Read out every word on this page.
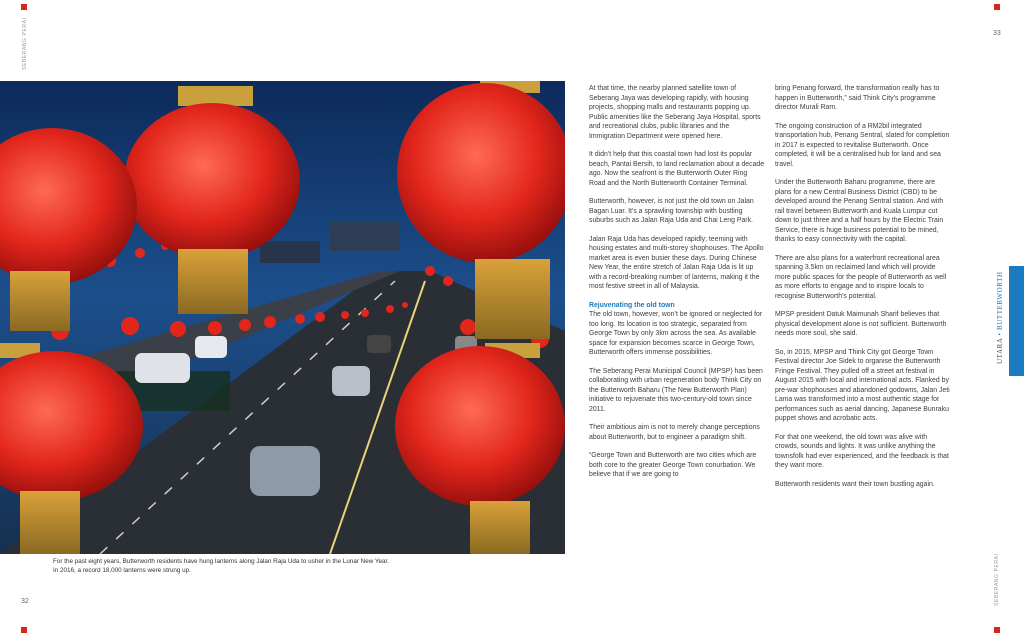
33
32
SEBERANG PERAI
SEBERANG PERAI
UTARA • BUTTERWORTH
For the past eight years, Butterworth residents have hung lanterns along Jalan Raja Uda to usher in the Lunar New Year.
In 2016, a record 18,000 lanterns were strung up.

At that time, the nearby planned satellite town of Seberang Jaya was developing rapidly, with housing projects, shopping malls and restaurants popping up. Public amenities like the Seberang Jaya Hospital, sports and recreational clubs, public libraries and the Immigration Department were opened here.

It didn’t help that this coastal town had lost its popular beach, Pantai Bersih, to land reclamation about a decade ago. Now the seafront is the Butterworth Outer Ring Road and the North Butterworth Container Terminal.

Butterworth, however, is not just the old town on Jalan Bagan Luar. It’s a sprawling township with bustling suburbs such as Jalan Raja Uda and Chai Leng Park.

Jalan Raja Uda has developed rapidly; teeming with housing estates and multi-storey shophouses. The Apollo market area is even busier these days. During Chinese New Year, the entire stretch of Jalan Raja Uda is lit up with a record-breaking number of lanterns, making it the most festive street in all of Malaysia.

Rejuvenating the old town

The old town, however, won’t be ignored or neglected for too long. Its location is too strategic, separated from George Town by only 3km across the sea. As available space for expansion becomes scarce in George Town, Butterworth offers immense possibilities.

The Seberang Perai Municipal Council (MPSP) has been collaborating with urban regeneration body Think City on the Butterworth Baharu (The New Butterworth Plan) initiative to rejuvenate this two-century-old town since 2011.

Their ambitious aim is not to merely change perceptions about Butterworth, but to engineer a paradigm shift.

“George Town and Butterworth are two cities which are both core to the greater George Town conurbation. We believe that if we are going to

bring Penang forward, the transformation really has to happen in Butterworth,” said Think City’s programme director Murali Ram.

The ongoing construction of a RM2bil integrated transportation hub, Penang Sentral, slated for completion in 2017 is expected to revitalise Butterworth. Once completed, it will be a centralised hub for land and sea travel.

Under the Butterworth Baharu programme, there are plans for a new Central Business District (CBD) to be developed around the Penang Sentral station. And with rail travel between Butterworth and Kuala Lumpur cut down to just three and a half hours by the Electric Train Service, there is huge business potential to be mined, thanks to easy connectivity with the capital.

There are also plans for a waterfront recreational area spanning 3.5km on reclaimed land which will provide more public spaces for the people of Butterworth as well as more efforts to engage and to inspire locals to recognise Butterworth’s potential.

MPSP president Datuk Maimunah Sharif believes that physical development alone is not sufficient. Butterworth needs more soul, she said.

So, in 2015, MPSP and Think City got George Town Festival director Joe Sidek to organise the Butterworth Fringe Festival. They pulled off a street art festival in August 2015 with local and international acts. Flanked by pre-war shophouses and abandoned godowns, Jalan Jeti Lama was transformed into a most authentic stage for performances such as aerial dancing, Japanese Bunraku puppet shows and acrobatic acts.

For that one weekend, the old town was alive with crowds, sounds and lights. It was unlike anything the townsfolk had ever experienced, and the feedback is that they want more.

Butterworth residents want their town bustling again.
